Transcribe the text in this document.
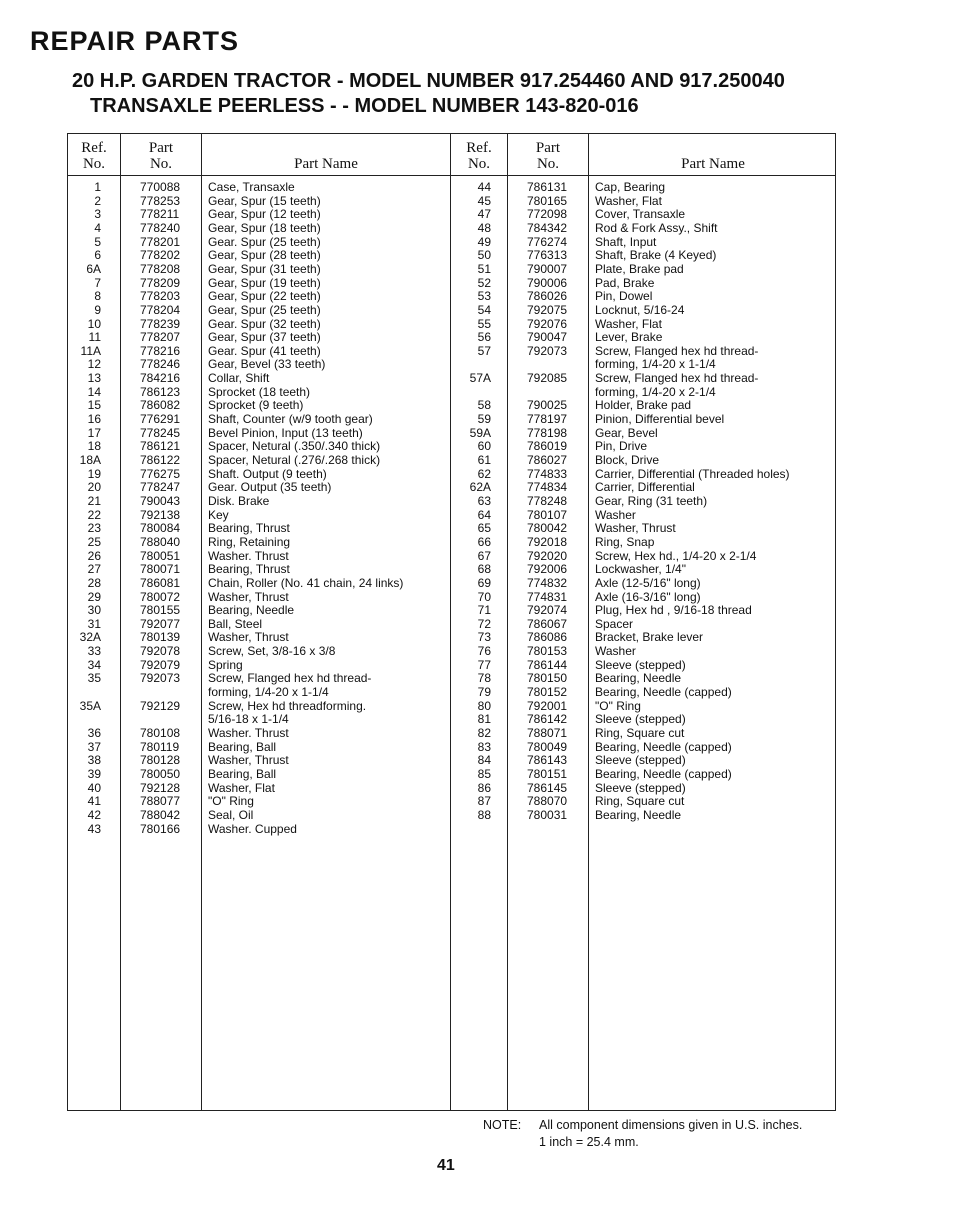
REPAIR PARTS
20 H.P. GARDEN TRACTOR - MODEL NUMBER 917.254460 AND 917.250040
TRANSAXLE PEERLESS - - MODEL NUMBER 143-820-016
Ref.
No.
Part
No.	Part Name
Ref.
No.
Part
No.	Part Name
1	770088 Case, Transaxle
2	778253 Gear, Spur (15 teeth)
3	778211 Gear, Spur (12 teeth)
4	778240 Gear, Spur (18 teeth)
5	778201 Gear. Spur (25 teeth)
6	778202 Gear, Spur (28 teeth)
6A	778208 Gear, Spur (31 teeth)
7	778209 Gear, Spur (19 teeth)
8	778203 Gear, Spur (22 teeth)
9	778204 Gear, Spur (25 teeth)
10	778239 Gear. Spur (32 teeth)
11	778207 Gear, Spur (37 teeth)
11A	778216 Gear. Spur (41 teeth)
12	778246 Gear, Bevel (33 teeth)
13	784216 Collar, Shift
14	786123 Sprocket (18 teeth)
15	786082 Sprocket (9 teeth)
16	776291 Shaft, Counter (w/9 tooth gear)
17	778245 Bevel Pinion, Input (13 teeth)
18	786121 Spacer, Netural (.350/.340 thick)
18A	786122 Spacer, Netural (.276/.268 thick)
19	776275 Shaft. Output (9 teeth)
20	778247 Gear. Output (35 teeth)
21	790043 Disk. Brake
22	792138 Key
23	780084 Bearing, Thrust
25	788040 Ring, Retaining
26	780051 Washer. Thrust
27	780071 Bearing, Thrust
28	786081 Chain, Roller (No. 41 chain, 24 links)
29	780072 Washer, Thrust
30	780155 Bearing, Needle
31	792077 Ball, Steel
32A	780139 Washer, Thrust
33	792078 Screw, Set, 3/8-16 x 3/8
34	792079 Spring
35	792073 Screw, Flanged hex hd thread-
forming, 1/4-20 x 1-1/4
35A	792129 Screw, Hex hd threadforming.
5/16-18 x 1-1/4
36	780108 Washer. Thrust
37	780119 Bearing, Ball
38	780128 Washer, Thrust
39	780050 Bearing, Ball
40	792128 Washer, Flat
41	788077 "O" Ring
42	788042 Seal, Oil
43	780166 Washer. Cupped
44	786131 Cap, Bearing
45	780165 Washer, Flat
47	772098 Cover, Transaxle
48	784342 Rod & Fork Assy., Shift
49	776274 Shaft, Input
50	776313 Shaft, Brake (4 Keyed)
51	790007 Plate, Brake pad
52	790006 Pad, Brake
53	786026 Pin, Dowel
54	792075 Locknut, 5/16-24
55	792076 Washer, Flat
56	790047 Lever, Brake
57	792073 Screw, Flanged hex hd thread-
forming, 1/4-20 x 1-1/4
57A	792085 Screw, Flanged hex hd thread-
forming, 1/4-20 x 2-1/4
58	790025 Holder, Brake pad
59	778197 Pinion, Differential bevel
59A	778198 Gear, Bevel
60	786019 Pin, Drive
61	786027 Block, Drive
62	774833 Carrier, Differential (Threaded holes)
62A	774834 Carrier, Differential
63	778248 Gear, Ring (31 teeth)
64	780107 Washer
65	780042 Washer, Thrust
66	792018 Ring, Snap
67	792020 Screw, Hex hd., 1/4-20 x 2-1/4
68	792006 Lockwasher, 1/4"
69	774832 Axle (12-5/16" long)
70	774831 Axle (16-3/16" long)
71	792074 Plug, Hex hd , 9/16-18 thread
72	786067 Spacer
73	786086 Bracket, Brake lever
76	780153 Washer
77	786144 Sleeve (stepped)
78	780150 Bearing, Needle
79	780152 Bearing, Needle (capped)
80	792001 "O" Ring
81	786142 Sleeve (stepped)
82	788071 Ring, Square cut
83	780049 Bearing, Needle (capped)
84	786143 Sleeve (stepped)
85	780151 Bearing, Needle (capped)
86	786145 Sleeve (stepped)
87	788070 Ring, Square cut
88	780031 Bearing, Needle
NOTE: All component dimensions given in U.S. inches.
1 inch = 25.4 mm.
41
